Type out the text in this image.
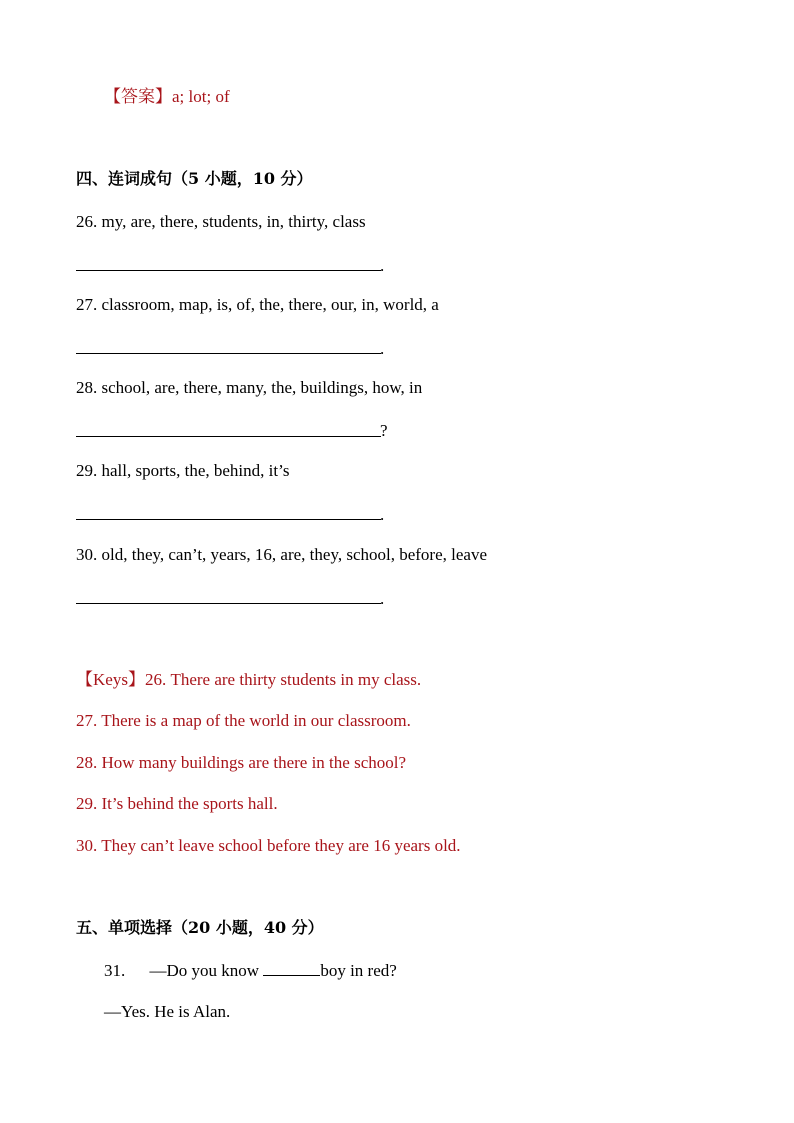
【答案】a; lot; of
四、连词成句（5 小题，10 分）
26. my, are, there, students, in, thirty, class
.
27. classroom, map, is, of, the, there, our, in, world, a
.
28. school, are, there, many, the, buildings, how, in
?
29. hall, sports, the, behind, it’s
.
30. old, they, can’t, years, 16, are, they, school, before, leave
.
【Keys】26. There are thirty students in my class.
27. There is a map of the world in our classroom.
28. How many buildings are there in the school?
29. It’s behind the sports hall.
30. They can’t leave school before they are 16 years old.
五、单项选择（20 小题，40 分）
31. —Do you know	boy in red?
—Yes. He is Alan.
